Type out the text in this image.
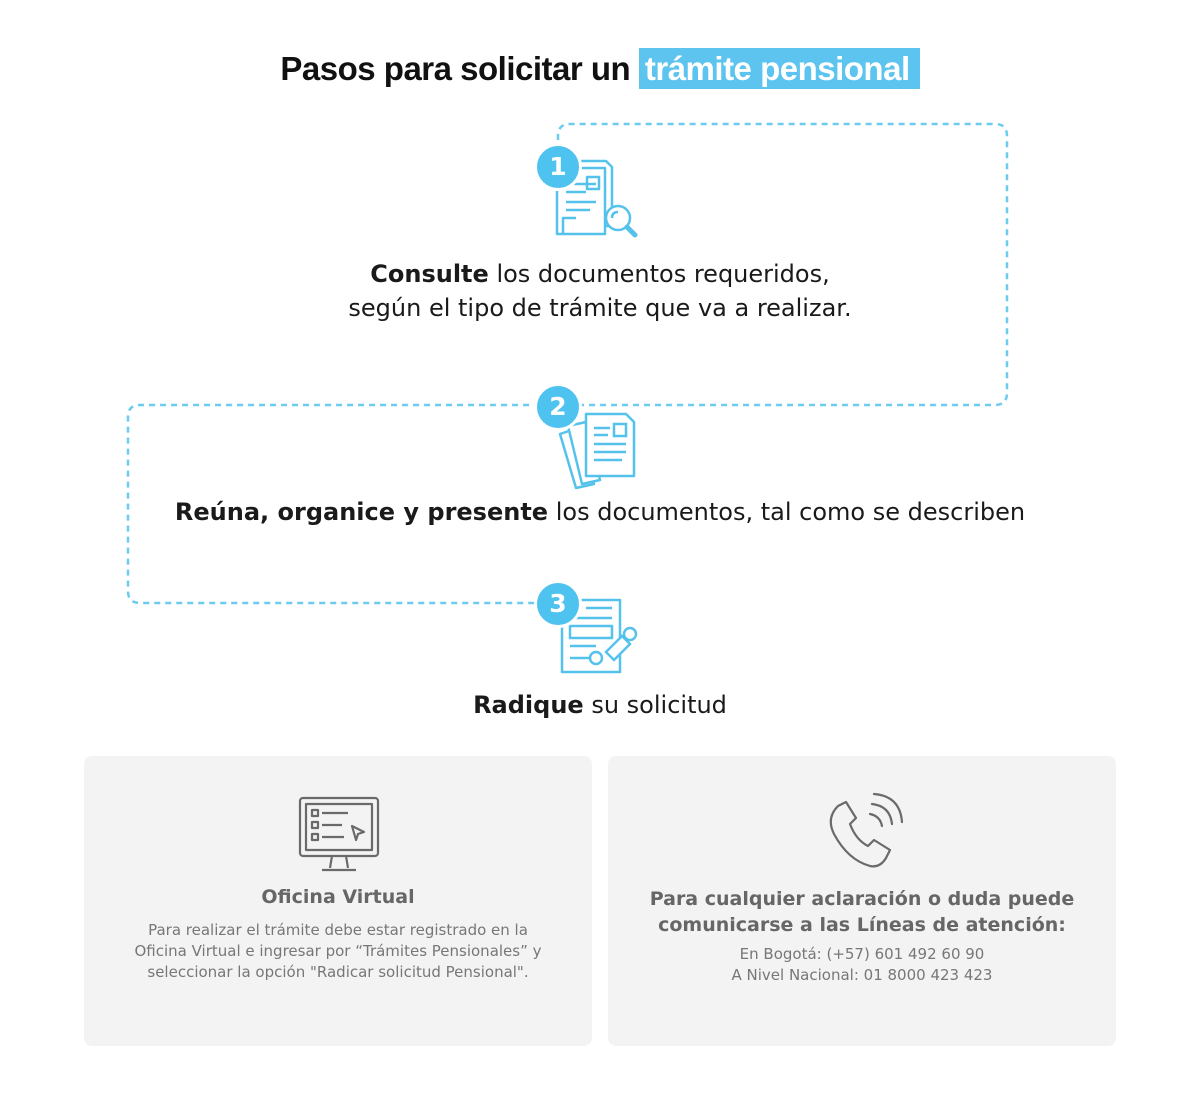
Pasos para solicitar un trámite pensional
1
Consulte los documentos requeridos,
según el tipo de trámite que va a realizar.
2
Reúna, organice y presente los documentos, tal como se describen
3
Radique su solicitud
Oficina Virtual

Para realizar el trámite debe estar registrado en la Oficina Virtual e ingresar por “Trámites Pensionales” y seleccionar la opción "Radicar solicitud Pensional".

Para cualquier aclaración o duda puede comunicarse a las Líneas de atención:

En Bogotá: (+57) 601 492 60 90

A Nivel Nacional: 01 8000 423 423
